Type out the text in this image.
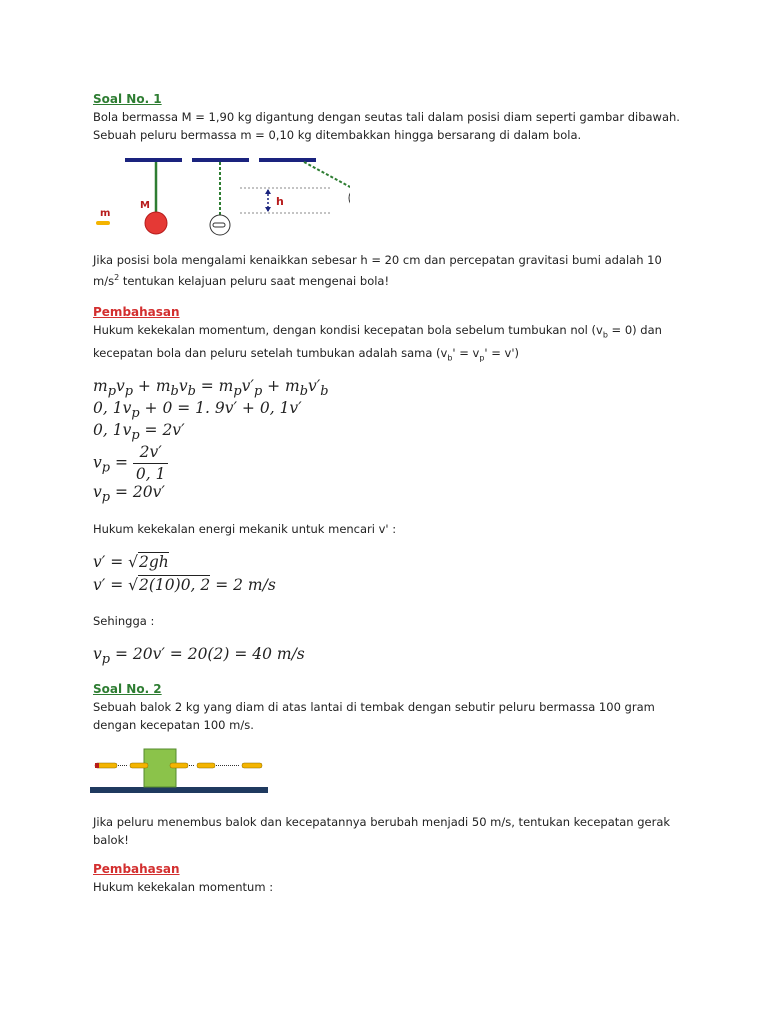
Soal No. 1
Bola bermassa M = 1,90 kg digantung dengan seutas tali dalam posisi diam seperti gambar dibawah. Sebuah peluru bermassa m = 0,10 kg ditembakkan hingga bersarang di dalam bola.
M
m
h
Jika posisi bola mengalami kenaikkan sebesar h = 20 cm dan percepatan gravitasi bumi adalah 10 $m/s^2$ tentukan kelajuan peluru saat mengenai bola!
Pembahasan
Hukum kekekalan momentum, dengan kondisi kecepatan bola sebelum tumbukan nol $(v_b = 0)$ dan kecepatan bola dan peluru setelah tumbukan adalah sama $(v_b' = v_p' = v')$
$m_pv_p + m_bv_b = m_pv'_p + m_bv'_b$
0, $1v_p + 0 = 1$. 9v′ + 0, 1v′
0, $1v_p = 2v'$
$v_p = \frac{2v'}{0, 1}$
$v_p = 20v'$
Hukum kekekalan energi mekanik untuk mencari v' :
v′ = √2gh
v′ = √2(10)0, 2 = 2 m/s
Sehingga :
$v_p = 20v' = 20(2) = 40$ m/s
Soal No. 2
Sebuah balok 2 kg yang diam di atas lantai di tembak dengan sebutir peluru bermassa 100 gram dengan kecepatan 100 m/s.
Jika peluru menembus balok dan kecepatannya berubah menjadi 50 m/s, tentukan kecepatan gerak balok!
Pembahasan
Hukum kekekalan momentum :
